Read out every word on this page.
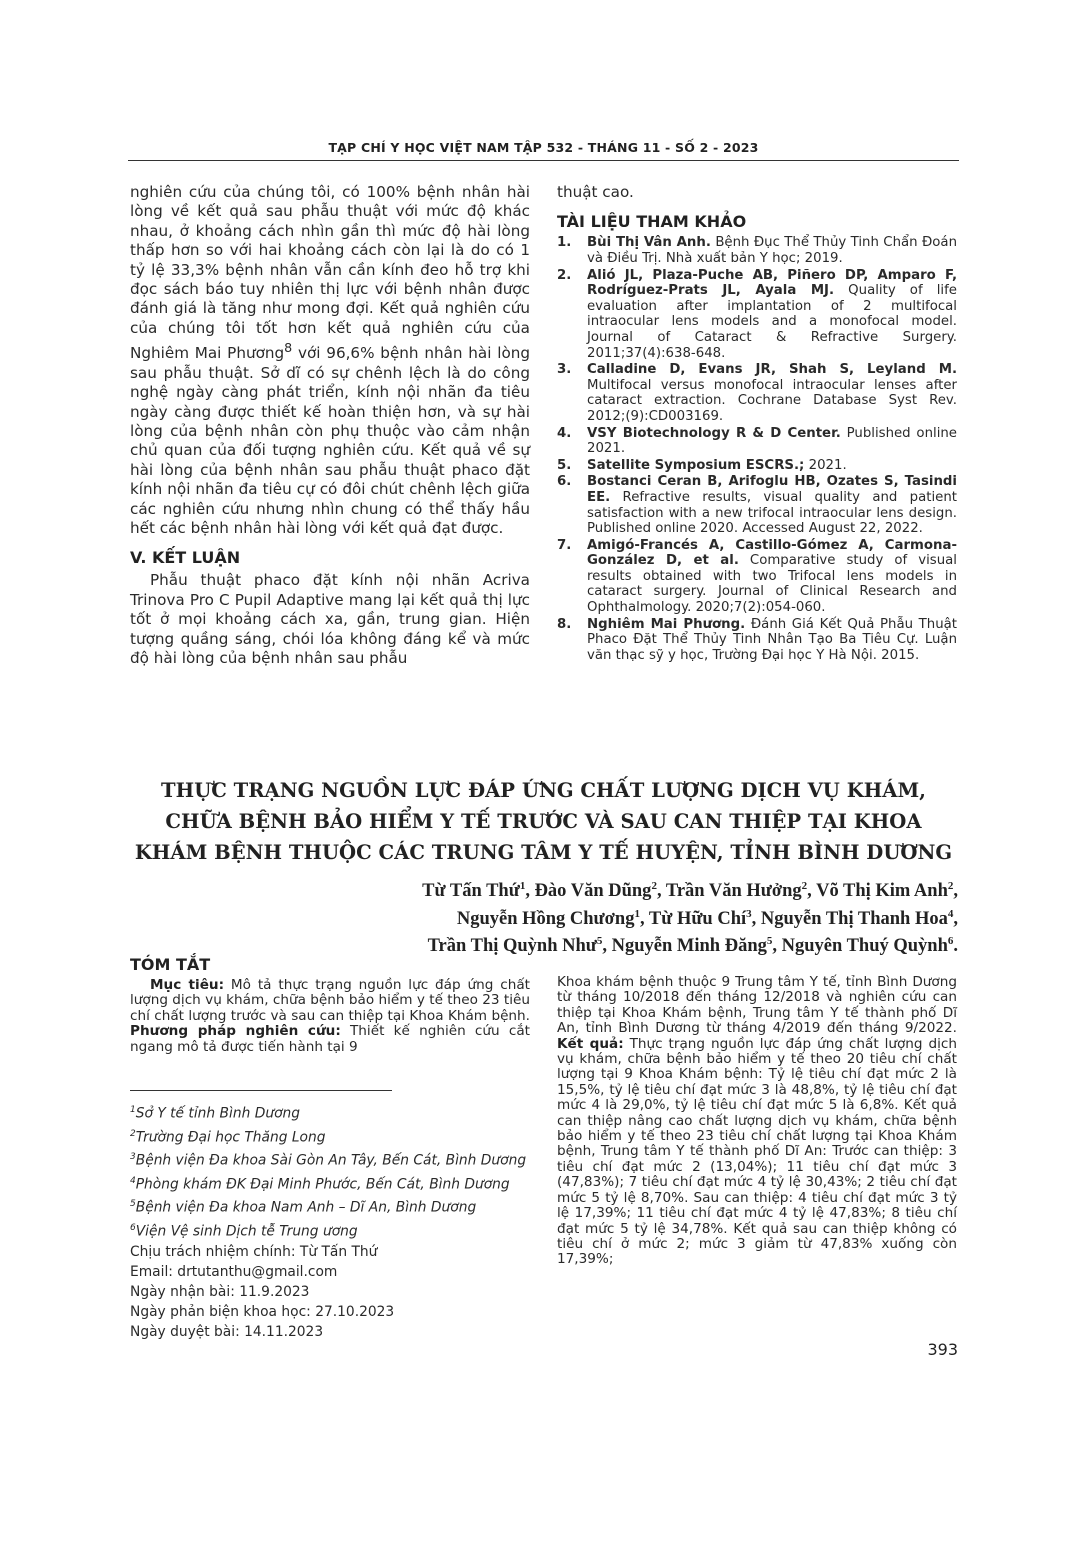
TẠP CHÍ Y HỌC VIỆT NAM TẬP 532 - THÁNG 11 - SỐ 2 - 2023

nghiên cứu của chúng tôi, có 100% bệnh nhân hài lòng về kết quả sau phẫu thuật với mức độ khác nhau, ở khoảng cách nhìn gần thì mức độ hài lòng thấp hơn so với hai khoảng cách còn lại là do có 1 tỷ lệ 33,3% bệnh nhân vẫn cần kính đeo hỗ trợ khi đọc sách báo tuy nhiên thị lực với bệnh nhân được đánh giá là tăng như mong đợi. Kết quả nghiên cứu của chúng tôi tốt hơn kết quả nghiên cứu của Nghiêm Mai Phương$^8$ với 96,6% bệnh nhân hài lòng sau phẫu thuật. Sở dĩ có sự chênh lệch là do công nghệ ngày càng phát triển, kính nội nhãn đa tiêu ngày càng được thiết kế hoàn thiện hơn, và sự hài lòng của bệnh nhân còn phụ thuộc vào cảm nhận chủ quan của đối tượng nghiên cứu. Kết quả về sự hài lòng của bệnh nhân sau phẫu thuật phaco đặt kính nội nhãn đa tiêu cự có đôi chút chênh lệch giữa các nghiên cứu nhưng nhìn chung có thể thấy hầu hết các bệnh nhân hài lòng với kết quả đạt được.

V. KẾT LUẬN

Phẫu thuật phaco đặt kính nội nhãn Acriva Trinova Pro C Pupil Adaptive mang lại kết quả thị lực tốt ở mọi khoảng cách xa, gần, trung gian. Hiện tượng quầng sáng, chói lóa không đáng kể và mức độ hài lòng của bệnh nhân sau phẫu

thuật cao.

TÀI LIỆU THAM KHẢO
1. Bùi Thị Vân Anh. Bệnh Đục Thể Thủy Tinh Chẩn Đoán và Điều Trị. Nhà xuất bản Y học; 2019.
2. Alió JL, Plaza-Puche AB, Piñero DP, Amparo F, Rodríguez-Prats JL, Ayala MJ. Quality of life evaluation after implantation of 2 multifocal intraocular lens models and a monofocal model. Journal of Cataract & Refractive Surgery. 2011;37(4):638-648.
3. Calladine D, Evans JR, Shah S, Leyland M. Multifocal versus monofocal intraocular lenses after cataract extraction. Cochrane Database Syst Rev. 2012;(9):CD003169.
4. VSY Biotechnology R & D Center. Published online 2021.
5. Satellite Symposium ESCRS.; 2021.
6. Bostanci Ceran B, Arifoglu HB, Ozates S, Tasindi EE. Refractive results, visual quality and patient satisfaction with a new trifocal intraocular lens design. Published online 2020. Accessed August 22, 2022.
7. Amigó-Francés A, Castillo-Gómez A, Carmona-González D, et al. Comparative study of visual results obtained with two Trifocal lens models in cataract surgery. Journal of Clinical Research and Ophthalmology. 2020;7(2):054-060.
8. Nghiêm Mai Phương. Đánh Giá Kết Quả Phẫu Thuật Phaco Đặt Thể Thủy Tinh Nhân Tạo Ba Tiêu Cự. Luận văn thạc sỹ y học, Trường Đại học Y Hà Nội. 2015.
THỰC TRẠNG NGUỒN LỰC ĐÁP ỨNG CHẤT LƯỢNG DỊCH VỤ KHÁM,
CHỮA BỆNH BẢO HIỂM Y TẾ TRƯỚC VÀ SAU CAN THIỆP TẠI KHOA
KHÁM BỆNH THUỘC CÁC TRUNG TÂM Y TẾ HUYỆN, TỈNH BÌNH DƯƠNG
Từ Tấn Thứ$^1$, Đào Văn Dũng$^2$, Trần Văn Hưởng$^2$, Võ Thị Kim Anh$^2$,
Nguyễn Hồng Chương$^1$, Từ Hữu Chí$^3$, Nguyễn Thị Thanh Hoa$^4$,
Trần Thị Quỳnh Như$^5$, Nguyễn Minh Đăng$^5$, Nguyên Thuý Quỳnh$^6$.
TÓM TẮT

Mục tiêu: Mô tả thực trạng nguồn lực đáp ứng chất lượng dịch vụ khám, chữa bệnh bảo hiểm y tế theo 23 tiêu chí chất lượng trước và sau can thiệp tại Khoa Khám bệnh. Phương pháp nghiên cứu: Thiết kế nghiên cứu cắt ngang mô tả được tiến hành tại 9

$^1$Sở Y tế tỉnh Bình Dương
$^2$Trường Đại học Thăng Long
$^3$Bệnh viện Đa khoa Sài Gòn An Tây, Bến Cát, Bình Dương
$^4$Phòng khám ĐK Đại Minh Phước, Bến Cát, Bình Dương
$^5$Bệnh viện Đa khoa Nam Anh – Dĩ An, Bình Dương
$^6$Viện Vệ sinh Dịch tễ Trung ương
Chịu trách nhiệm chính: Từ Tấn Thứ
Email: drtutanthu@gmail.com
Ngày nhận bài: 11.9.2023
Ngày phản biện khoa học: 27.10.2023
Ngày duyệt bài: 14.11.2023

Khoa khám bệnh thuộc 9 Trung tâm Y tế, tỉnh Bình Dương từ tháng 10/2018 đến tháng 12/2018 và nghiên cứu can thiệp tại Khoa Khám bệnh, Trung tâm Y tế thành phố Dĩ An, tỉnh Bình Dương từ tháng 4/2019 đến tháng 9/2022. Kết quả: Thực trạng nguồn lực đáp ứng chất lượng dịch vụ khám, chữa bệnh bảo hiểm y tế theo 20 tiêu chí chất lượng tại 9 Khoa Khám bệnh: Tỷ lệ tiêu chí đạt mức 2 là 15,5%, tỷ lệ tiêu chí đạt mức 3 là 48,8%, tỷ lệ tiêu chí đạt mức 4 là 29,0%, tỷ lệ tiêu chí đạt mức 5 là 6,8%. Kết quả can thiệp nâng cao chất lượng dịch vụ khám, chữa bệnh bảo hiểm y tế theo 23 tiêu chí chất lượng tại Khoa Khám bệnh, Trung tâm Y tế thành phố Dĩ An: Trước can thiệp: 3 tiêu chí đạt mức 2 (13,04%); 11 tiêu chí đạt mức 3 (47,83%); 7 tiêu chí đạt mức 4 tỷ lệ 30,43%; 2 tiêu chí đạt mức 5 tỷ lệ 8,70%. Sau can thiệp: 4 tiêu chí đạt mức 3 tỷ lệ 17,39%; 11 tiêu chí đạt mức 4 tỷ lệ 47,83%; 8 tiêu chí đạt mức 5 tỷ lệ 34,78%. Kết quả sau can thiệp không có tiêu chí ở mức 2; mức 3 giảm từ 47,83% xuống còn 17,39%;

393
